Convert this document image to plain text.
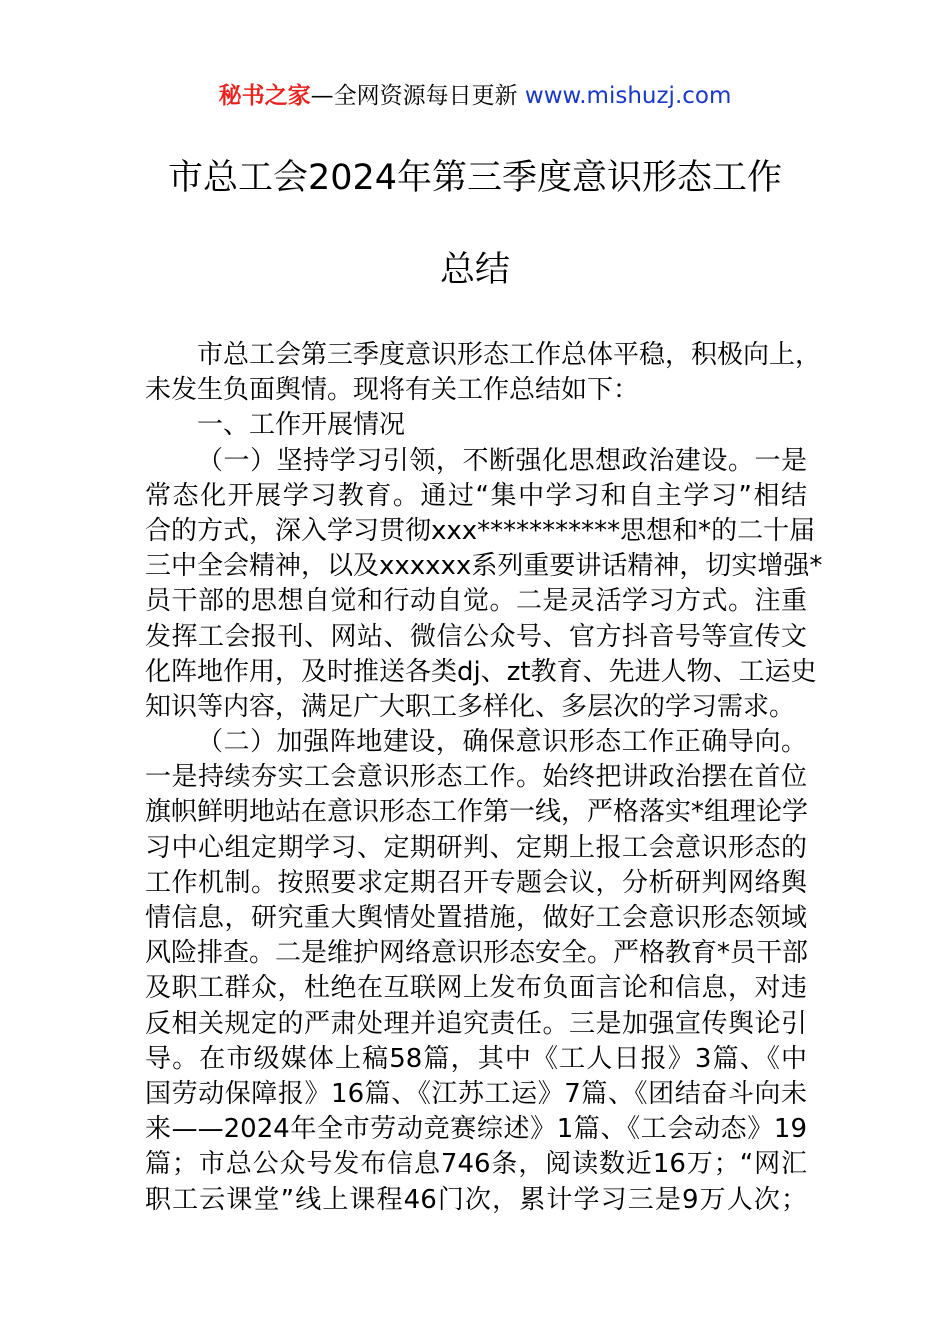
秘书之家—全网资源每日更新 www.mishuzj.com
市总工会2024年第三季度意识形态工作
总结
市总工会第三季度意识形态工作总体平稳，积极向上，
未发生负面舆情。现将有关工作总结如下：
一、工作开展情况
（一）坚持学习引领，不断强化思想政治建设。一是
常态化开展学习教育。通过“集中学习和自主学习”相结
合的方式，深入学习贯彻xxx***********思想和*的二十届
三中全会精神，以及xxxxxx系列重要讲话精神，切实增强*
员干部的思想自觉和行动自觉。二是灵活学习方式。注重
发挥工会报刊、网站、微信公众号、官方抖音号等宣传文
化阵地作用，及时推送各类dj、zt教育、先进人物、工运史
知识等内容，满足广大职工多样化、多层次的学习需求。
（二）加强阵地建设，确保意识形态工作正确导向。
一是持续夯实工会意识形态工作。始终把讲政治摆在首位
旗帜鲜明地站在意识形态工作第一线，严格落实*组理论学
习中心组定期学习、定期研判、定期上报工会意识形态的
工作机制。按照要求定期召开专题会议，分析研判网络舆
情信息，研究重大舆情处置措施，做好工会意识形态领域
风险排查。二是维护网络意识形态安全。严格教育*员干部
及职工群众，杜绝在互联网上发布负面言论和信息，对违
反相关规定的严肃处理并追究责任。三是加强宣传舆论引
导。在市级媒体上稿58篇，其中《工人日报》3篇、《中
国劳动保障报》16篇、《江苏工运》7篇、《团结奋斗向未
来——2024年全市劳动竞赛综述》1篇、《工会动态》19
篇；市总公众号发布信息746条，阅读数近16万；“网汇
职工云课堂”线上课程46门次，累计学习三是9万人次；
